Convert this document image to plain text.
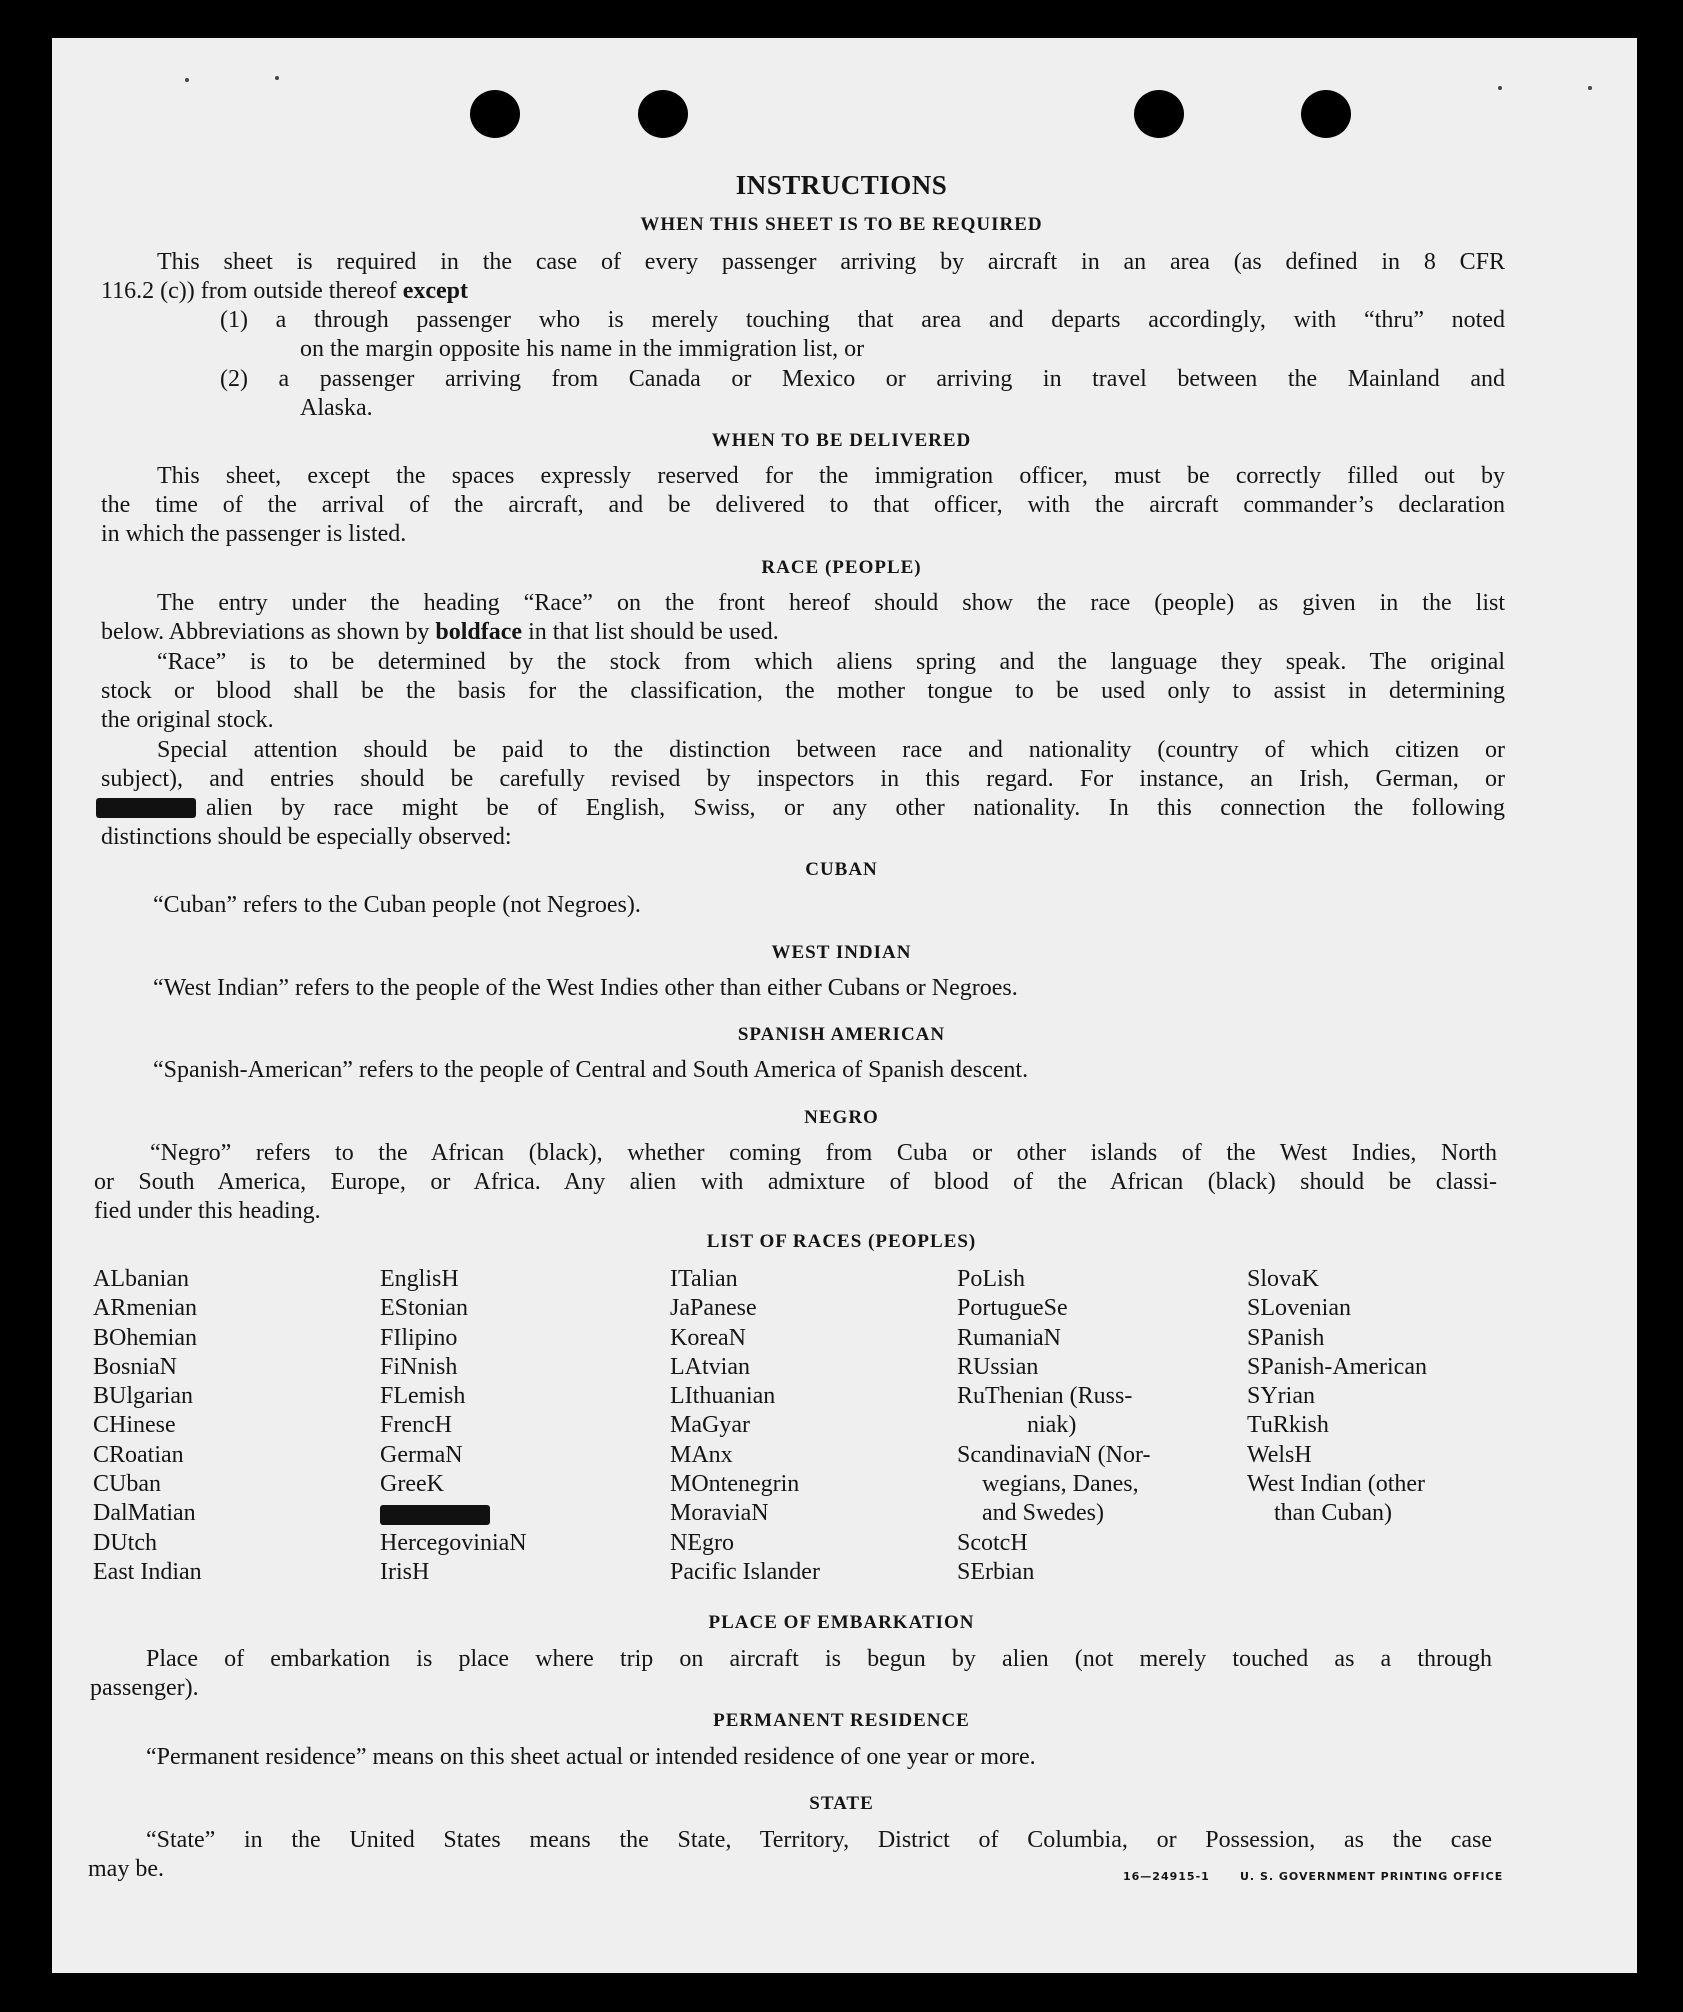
INSTRUCTIONS
WHEN THIS SHEET IS TO BE REQUIRED
This sheet is required in the case of every passenger arriving by aircraft in an area (as defined in 8 CFR
116.2 (c)) from outside thereof except
(1) a through passenger who is merely touching that area and departs accordingly, with “thru” noted
on the margin opposite his name in the immigration list, or
(2) a passenger arriving from Canada or Mexico or arriving in travel between the Mainland and
Alaska.
WHEN TO BE DELIVERED
This sheet, except the spaces expressly reserved for the immigration officer, must be correctly filled out by
the time of the arrival of the aircraft, and be delivered to that officer, with the aircraft commander’s declaration
in which the passenger is listed.
RACE (PEOPLE)
The entry under the heading “Race” on the front hereof should show the race (people) as given in the list
below. Abbreviations as shown by boldface in that list should be used.
“Race” is to be determined by the stock from which aliens spring and the language they speak. The original
stock or blood shall be the basis for the classification, the mother tongue to be used only to assist in determining
the original stock.
Special attention should be paid to the distinction between race and nationality (country of which citizen or
subject), and entries should be carefully revised by inspectors in this regard. For instance, an Irish, German, or
alien by race might be of English, Swiss, or any other nationality. In this connection the following
distinctions should be especially observed:
CUBAN
“Cuban” refers to the Cuban people (not Negroes).
WEST INDIAN
“West Indian” refers to the people of the West Indies other than either Cubans or Negroes.
SPANISH AMERICAN
“Spanish-American” refers to the people of Central and South America of Spanish descent.
NEGRO
“Negro” refers to the African (black), whether coming from Cuba or other islands of the West Indies, North
or South America, Europe, or Africa. Any alien with admixture of blood of the African (black) should be classi-
fied under this heading.
LIST OF RACES (PEOPLES)
ALbanian
ARmenian
BOhemian
BosniaN
BUlgarian
CHinese
CRoatian
CUban
DalMatian
DUtch
East Indian
EnglisH
EStonian
FIlipino
FiNnish
FLemish
FrencH
GermaN
GreeK
HercegoviniaN
IrisH
ITalian
JaPanese
KoreaN
LAtvian
LIthuanian
MaGyar
MAnx
MOntenegrin
MoraviaN
NEgro
Pacific Islander
PoLish
PortugueSe
RumaniaN
RUssian
RuThenian (Russ-
niak)
ScandinaviaN (Nor-
wegians, Danes,
and Swedes)
ScotcH
SErbian
SlovaK
SLovenian
SPanish
SPanish-American
SYrian
TuRkish
WelsH
West Indian (other
than Cuban)
PLACE OF EMBARKATION
Place of embarkation is place where trip on aircraft is begun by alien (not merely touched as a through
passenger).
PERMANENT RESIDENCE
“Permanent residence” means on this sheet actual or intended residence of one year or more.
STATE
“State” in the United States means the State, Territory, District of Columbia, or Possession, as the case
may be.	16—24915-1	U. S. GOVERNMENT PRINTING OFFICE
